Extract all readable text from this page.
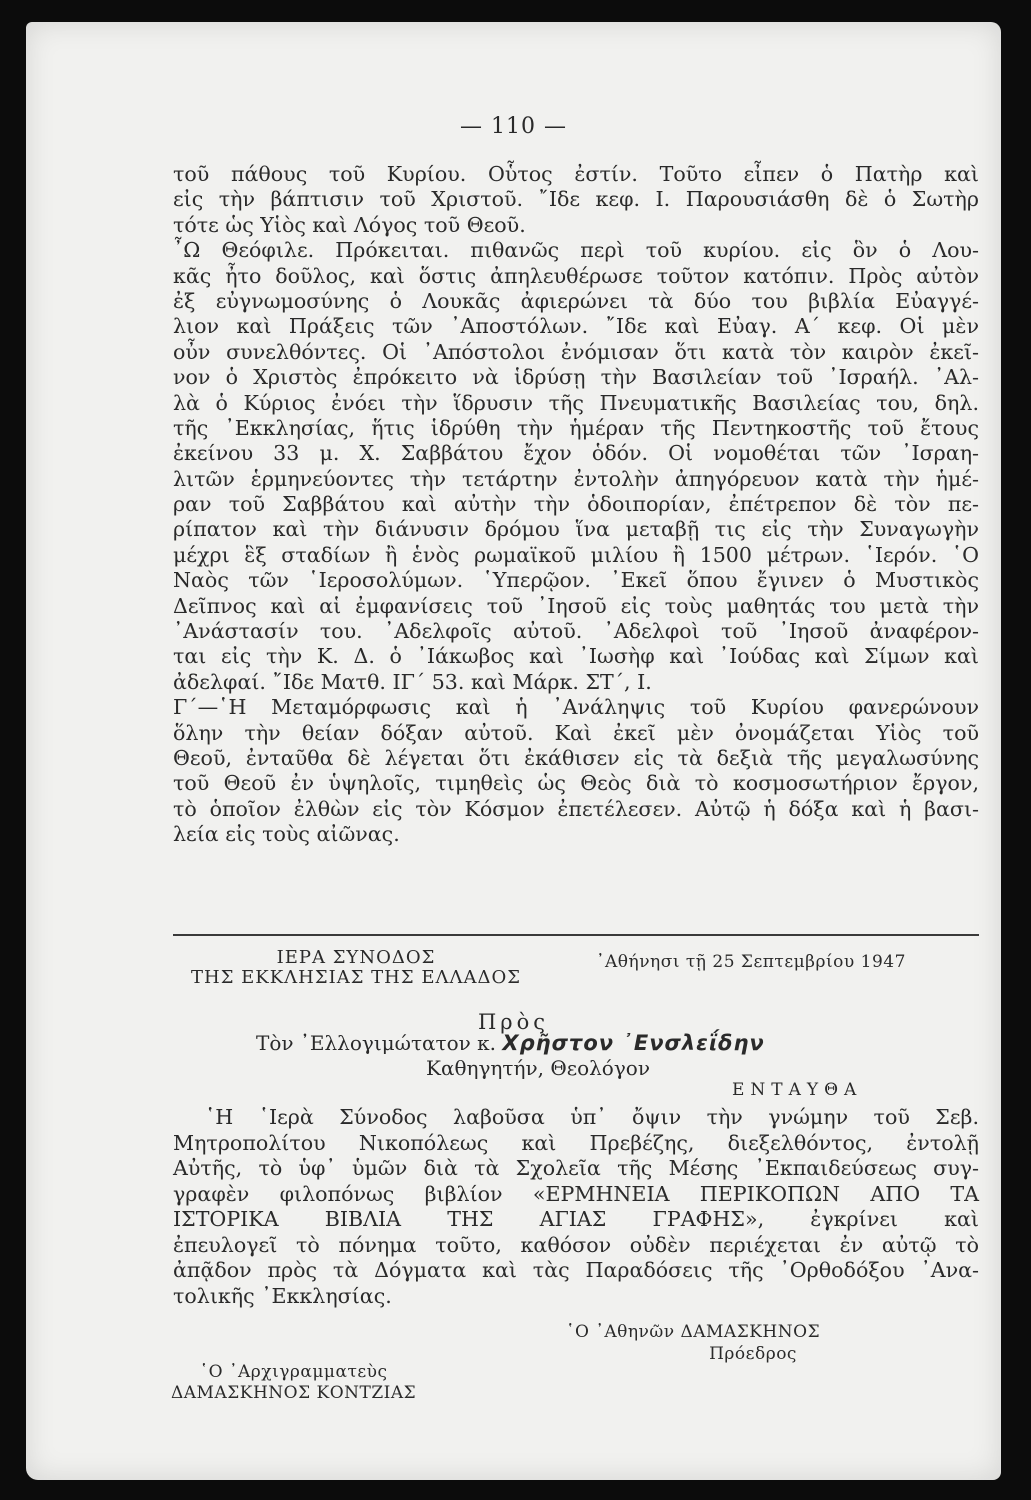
— 110 —
τοῦ πάθους τοῦ Κυρίου. Οὗτος ἐστίν. Τοῦτο εἶπεν ὁ Πατὴρ καὶ
εἰς τὴν βάπτισιν τοῦ Χριστοῦ. ῎Ιδε κεφ. Ι. Παρουσιάσθη δὲ ὁ Σωτὴρ
τότε ὡς Υἱὸς καὶ Λόγος τοῦ Θεοῦ.
῏Ω Θεόφιλε. Πρόκειται. πιθανῶς περὶ τοῦ κυρίου. εἰς ὃν ὁ Λου-
κᾶς ἦτο δοῦλος, καὶ ὅστις ἀπηλευθέρωσε τοῦτον κατόπιν. Πρὸς αὐτὸν
ἐξ εὐγνωμοσύνης ὁ Λουκᾶς ἀφιερώνει τὰ δύο του βιβλία Εὐαγγέ-
λιον καὶ Πράξεις τῶν ᾿Αποστόλων. ῎Ιδε καὶ Εὐαγ. Α΄ κεφ. Οἱ μὲν
οὖν συνελθόντες. Οἱ ᾿Απόστολοι ἐνόμισαν ὅτι κατὰ τὸν καιρὸν ἐκεῖ-
νον ὁ Χριστὸς ἐπρόκειτο νὰ ἱδρύσῃ τὴν Βασιλείαν τοῦ ᾿Ισραήλ. ᾿Αλ-
λὰ ὁ Κύριος ἐνόει τὴν ἵδρυσιν τῆς Πνευματικῆς Βασιλείας του, δηλ.
τῆς ᾿Εκκλησίας, ἥτις ἱδρύθη τὴν ἡμέραν τῆς Πεντηκοστῆς τοῦ ἔτους
ἐκείνου 33 μ. Χ. Σαββάτου ἔχον ὁδόν. Οἱ νομοθέται τῶν ᾿Ισραη-
λιτῶν ἑρμηνεύοντες τὴν τετάρτην ἐντολὴν ἀπηγόρευον κατὰ τὴν ἡμέ-
ραν τοῦ Σαββάτου καὶ αὐτὴν τὴν ὁδοιπορίαν, ἐπέτρεπον δὲ τὸν πε-
ρίπατον καὶ τὴν διάνυσιν δρόμου ἵνα μεταβῇ τις εἰς τὴν Συναγωγὴν
μέχρι ἓξ σταδίων ἢ ἑνὸς ρωμαϊκοῦ μιλίου ἢ 1500 μέτρων. ῾Ιερόν. ῾Ο
Ναὸς τῶν ῾Ιεροσολύμων. ῾Υπερῷον. ᾿Εκεῖ ὅπου ἔγινεν ὁ Μυστικὸς
Δεῖπνος καὶ αἱ ἐμφανίσεις τοῦ ᾿Ιησοῦ εἰς τοὺς μαθητάς του μετὰ τὴν
᾿Ανάστασίν του. ᾿Αδελφοῖς αὐτοῦ. ᾿Αδελφοὶ τοῦ ᾿Ιησοῦ ἀναφέρον-
ται εἰς τὴν Κ. Δ. ὁ ᾿Ιάκωβος καὶ ᾿Ιωσὴφ καὶ ᾿Ιούδας καὶ Σίμων καὶ
ἀδελφαί. ῎Ιδε Ματθ. ΙΓ΄ 53. καὶ Μάρκ. ΣΤ΄, Ι.
Γ΄—῾Η Μεταμόρφωσις καὶ ἡ ᾿Ανάληψις τοῦ Κυρίου φανερώνουν
ὅλην τὴν θείαν δόξαν αὐτοῦ. Καὶ ἐκεῖ μὲν ὀνομάζεται Υἱὸς τοῦ
Θεοῦ, ἐνταῦθα δὲ λέγεται ὅτι ἐκάθισεν εἰς τὰ δεξιὰ τῆς μεγαλωσύνης
τοῦ Θεοῦ ἐν ὑψηλοῖς, τιμηθεὶς ὡς Θεὸς διὰ τὸ κοσμοσωτήριον ἔργον,
τὸ ὁποῖον ἐλθὼν εἰς τὸν Κόσμον ἐπετέλεσεν. Αὐτῷ ἡ δόξα καὶ ἡ βασι-
λεία εἰς τοὺς αἰῶνας.
ΙΕΡΑ ΣΥΝΟΔΟΣ
ΤΗΣ ΕΚΚΛΗΣΙΑΣ ΤΗΣ ΕΛΛΑΔΟΣ
᾿Αθήνησι τῇ 25 Σεπτεμβρίου 1947
Πρὸς
Τὸν ᾿Ελλογιμώτατον κ. Χρῆστον ᾿Ενσλεΐδην
Καθηγητήν, Θεολόγον
ΕΝΤΑΥΘΑ
῾Η ῾Ιερὰ Σύνοδος λαβοῦσα ὑπ᾿ ὄψιν τὴν γνώμην τοῦ Σεβ.
Μητροπολίτου Νικοπόλεως καὶ Πρεβέζης, διεξελθόντος, ἐντολῇ
Αὐτῆς, τὸ ὑφ᾿ ὑμῶν διὰ τὰ Σχολεῖα τῆς Μέσης ᾿Εκπαιδεύσεως συγ-
γραφὲν φιλοπόνως βιβλίον «ΕΡΜΗΝΕΙΑ ΠΕΡΙΚΟΠΩΝ ΑΠΟ ΤΑ
ΙΣΤΟΡΙΚΑ ΒΙΒΛΙΑ ΤΗΣ ΑΓΙΑΣ ΓΡΑΦΗΣ», ἐγκρίνει καὶ
ἐπευλογεῖ τὸ πόνημα τοῦτο, καθόσον οὐδὲν περιέχεται ἐν αὐτῷ τὸ
ἀπᾷδον πρὸς τὰ Δόγματα καὶ τὰς Παραδόσεις τῆς ᾿Ορθοδόξου ᾿Ανα-
τολικῆς ᾿Εκκλησίας.
῾Ο ᾿Αθηνῶν ΔΑΜΑΣΚΗΝΟΣ
Πρόεδρος
῾Ο ᾿Αρχιγραμματεὺς
ΔΑΜΑΣΚΗΝΟΣ ΚΟΝΤΖΙΑΣ
